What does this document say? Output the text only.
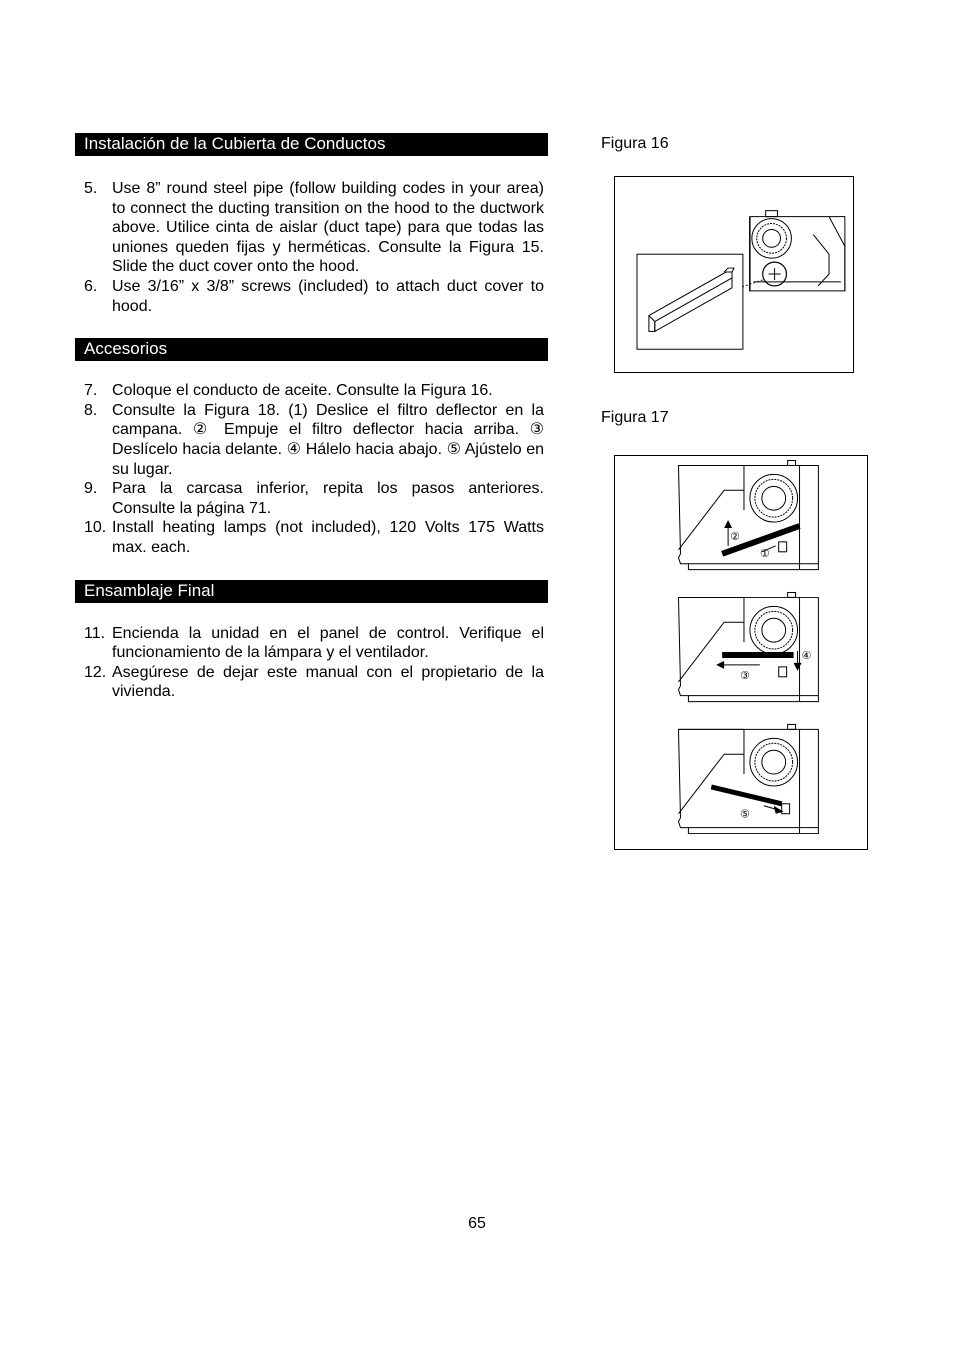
Instalación de la Cubierta de Conductos
5. Use 8” round steel pipe (follow building codes in your area) to connect the ducting transition on the hood to the ductwork above. Utilice cinta de aislar (duct tape) para que todas las uniones queden fijas y herméticas. Consulte la Figura 15. Slide the duct cover onto the hood.
6. Use 3/16” x 3/8” screws (included) to attach duct cover to hood.
Accesorios
7. Coloque el conducto de aceite. Consulte la Figura 16.
8. Consulte la Figura 18. (1) Deslice el filtro deflector en la campana. ② Empuje el filtro deflector hacia arriba. ③ Deslícelo hacia delante. ④ Hálelo hacia abajo. ⑤ Ajústelo en su lugar.
9. Para la carcasa inferior, repita los pasos anteriores. Consulte la página 71.
10. Install heating lamps (not included), 120 Volts 175 Watts max. each.
Ensamblaje Final
11. Encienda la unidad en el panel de control. Verifique el funcionamiento de la lámpara y el ventilador.
12. Asegúrese de dejar este manual con el propietario de la vivienda.
Figura 16
Figura 17
②
①
④
③
⑤
65
